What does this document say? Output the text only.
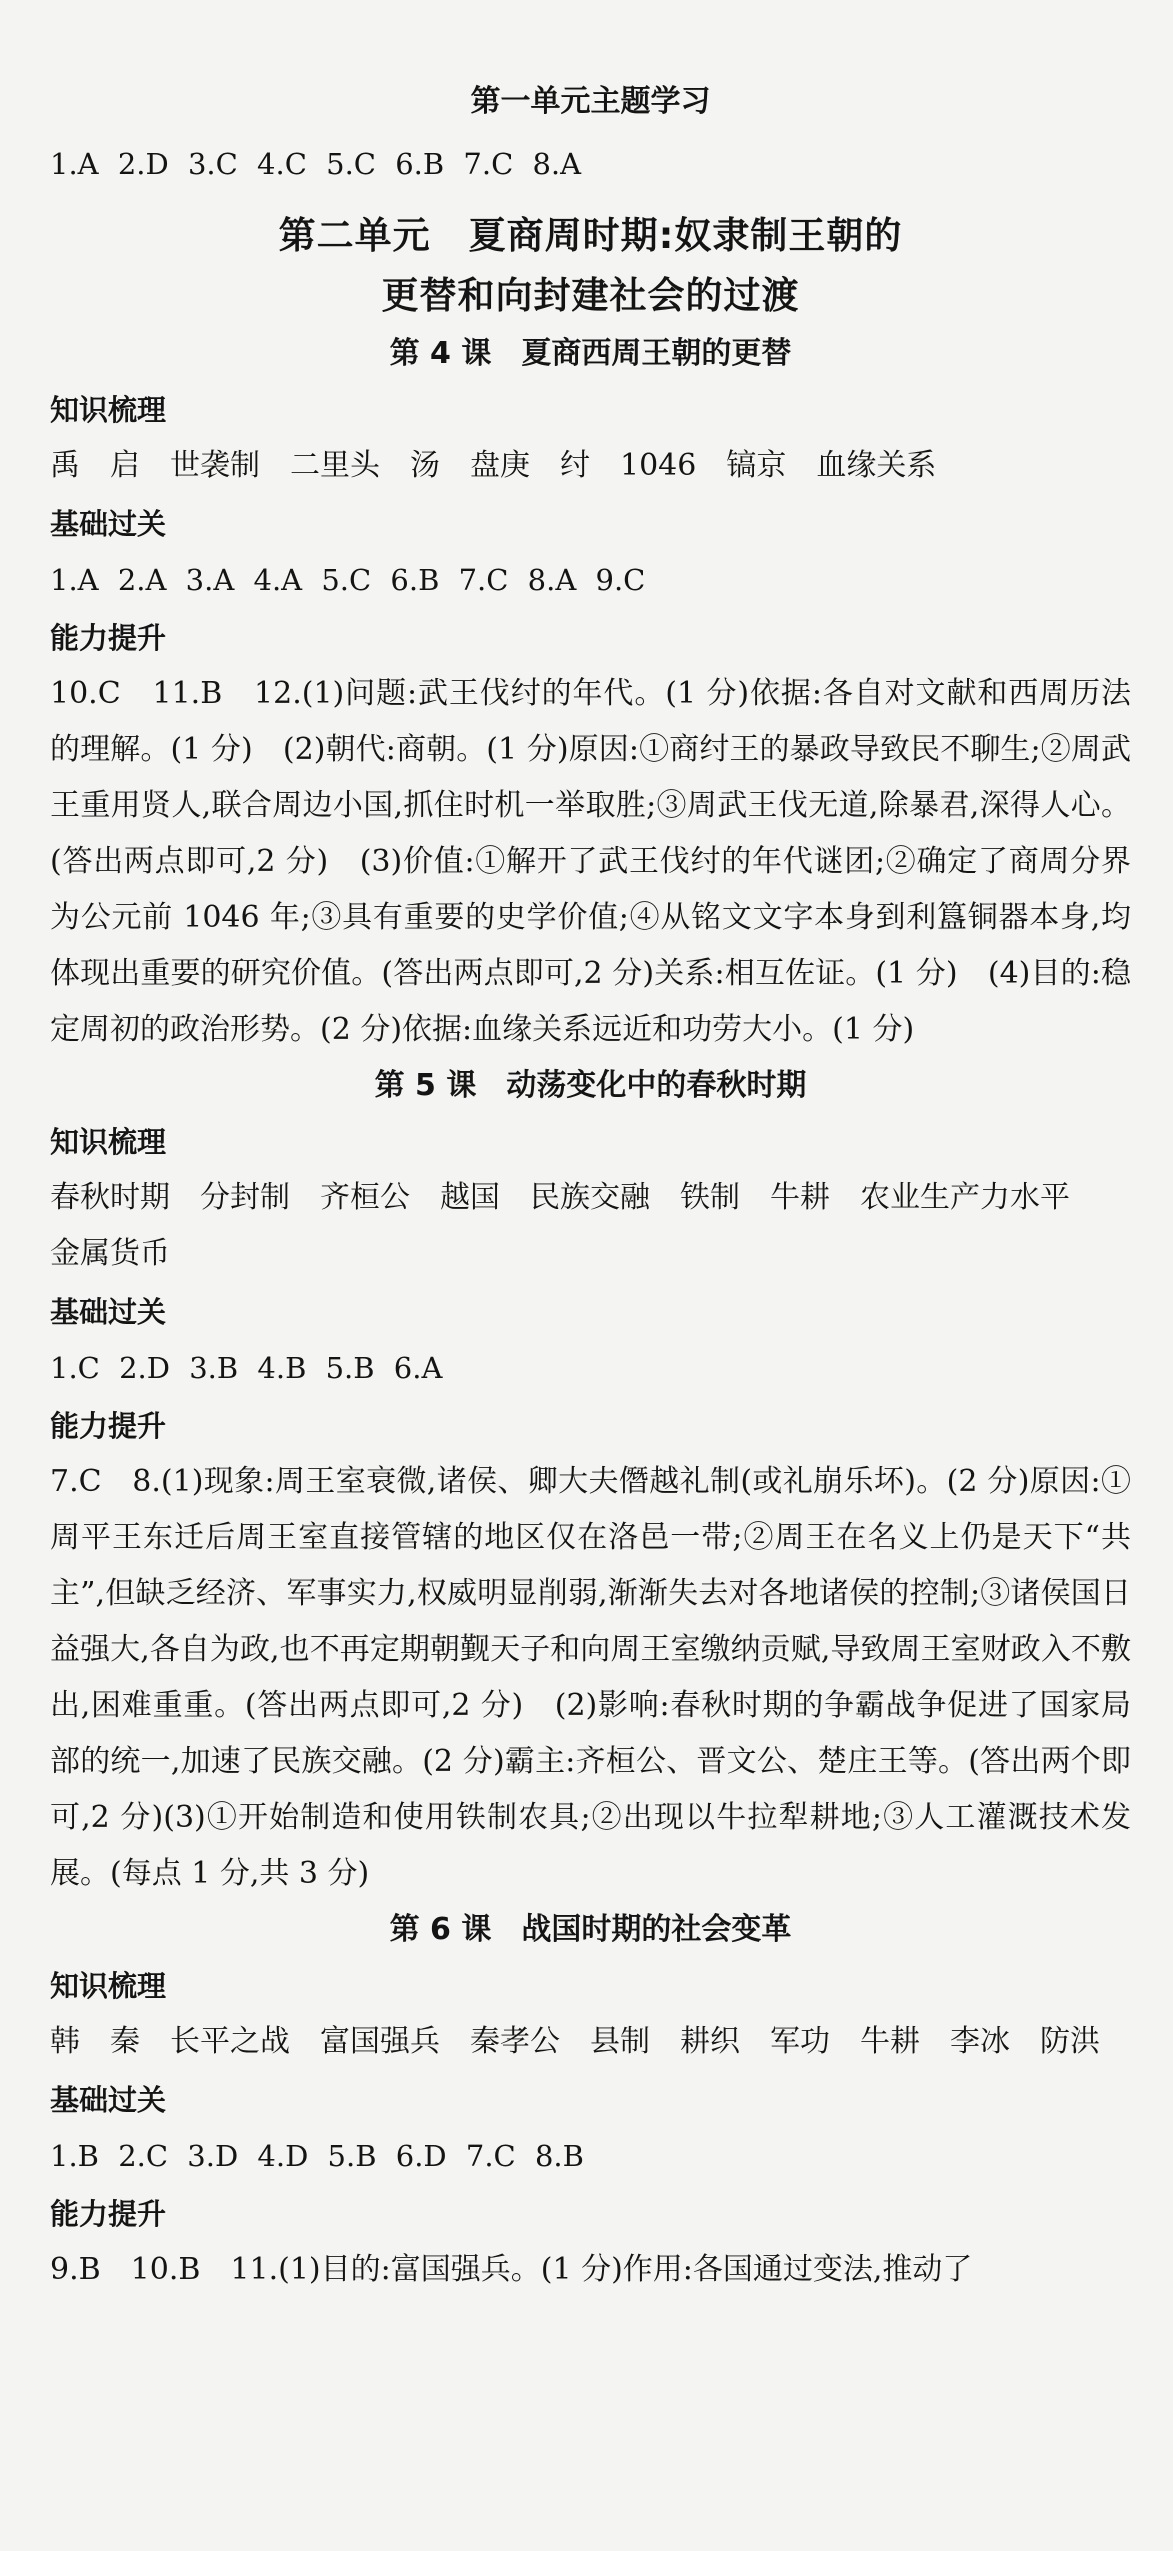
第一单元主题学习
1.A 2.D 3.C 4.C 5.C 6.B 7.C 8.A
第二单元　夏商周时期:奴隶制王朝的
更替和向封建社会的过渡
第 4 课　夏商西周王朝的更替
知识梳理
禹 启 世袭制 二里头 汤 盘庚 纣 1046 镐京 血缘关系
基础过关
1.A 2.A 3.A 4.A 5.C 6.B 7.C 8.A 9.C
能力提升

10.C　11.B　12.(1)问题:武王伐纣的年代。(1 分)依据:各自对文献和西周历法的理解。(1 分)　(2)朝代:商朝。(1 分)原因:①商纣王的暴政导致民不聊生;②周武王重用贤人,联合周边小国,抓住时机一举取胜;③周武王伐无道,除暴君,深得人心。(答出两点即可,2 分)　(3)价值:①解开了武王伐纣的年代谜团;②确定了商周分界为公元前 1046 年;③具有重要的史学价值;④从铭文文字本身到利簋铜器本身,均体现出重要的研究价值。(答出两点即可,2 分)关系:相互佐证。(1 分)　(4)目的:稳定周初的政治形势。(2 分)依据:血缘关系远近和功劳大小。(1 分)

第 5 课　动荡变化中的春秋时期
知识梳理
春秋时期 分封制 齐桓公 越国 民族交融 铁制 牛耕 农业生产力水平金属货币
基础过关
1.C 2.D 3.B 4.B 5.B 6.A
能力提升

7.C　8.(1)现象:周王室衰微,诸侯、卿大夫僭越礼制(或礼崩乐坏)。(2 分)原因:①周平王东迁后周王室直接管辖的地区仅在洛邑一带;②周王在名义上仍是天下“共主”,但缺乏经济、军事实力,权威明显削弱,渐渐失去对各地诸侯的控制;③诸侯国日益强大,各自为政,也不再定期朝觐天子和向周王室缴纳贡赋,导致周王室财政入不敷出,困难重重。(答出两点即可,2 分)　(2)影响:春秋时期的争霸战争促进了国家局部的统一,加速了民族交融。(2 分)霸主:齐桓公、晋文公、楚庄王等。(答出两个即可,2 分)(3)①开始制造和使用铁制农具;②出现以牛拉犁耕地;③人工灌溉技术发展。(每点 1 分,共 3 分)

第 6 课　战国时期的社会变革
知识梳理
韩 秦 长平之战 富国强兵 秦孝公 县制 耕织 军功 牛耕 李冰 防洪
基础过关
1.B 2.C 3.D 4.D 5.B 6.D 7.C 8.B
能力提升

9.B　10.B　11.(1)目的:富国强兵。(1 分)作用:各国通过变法,推动了
